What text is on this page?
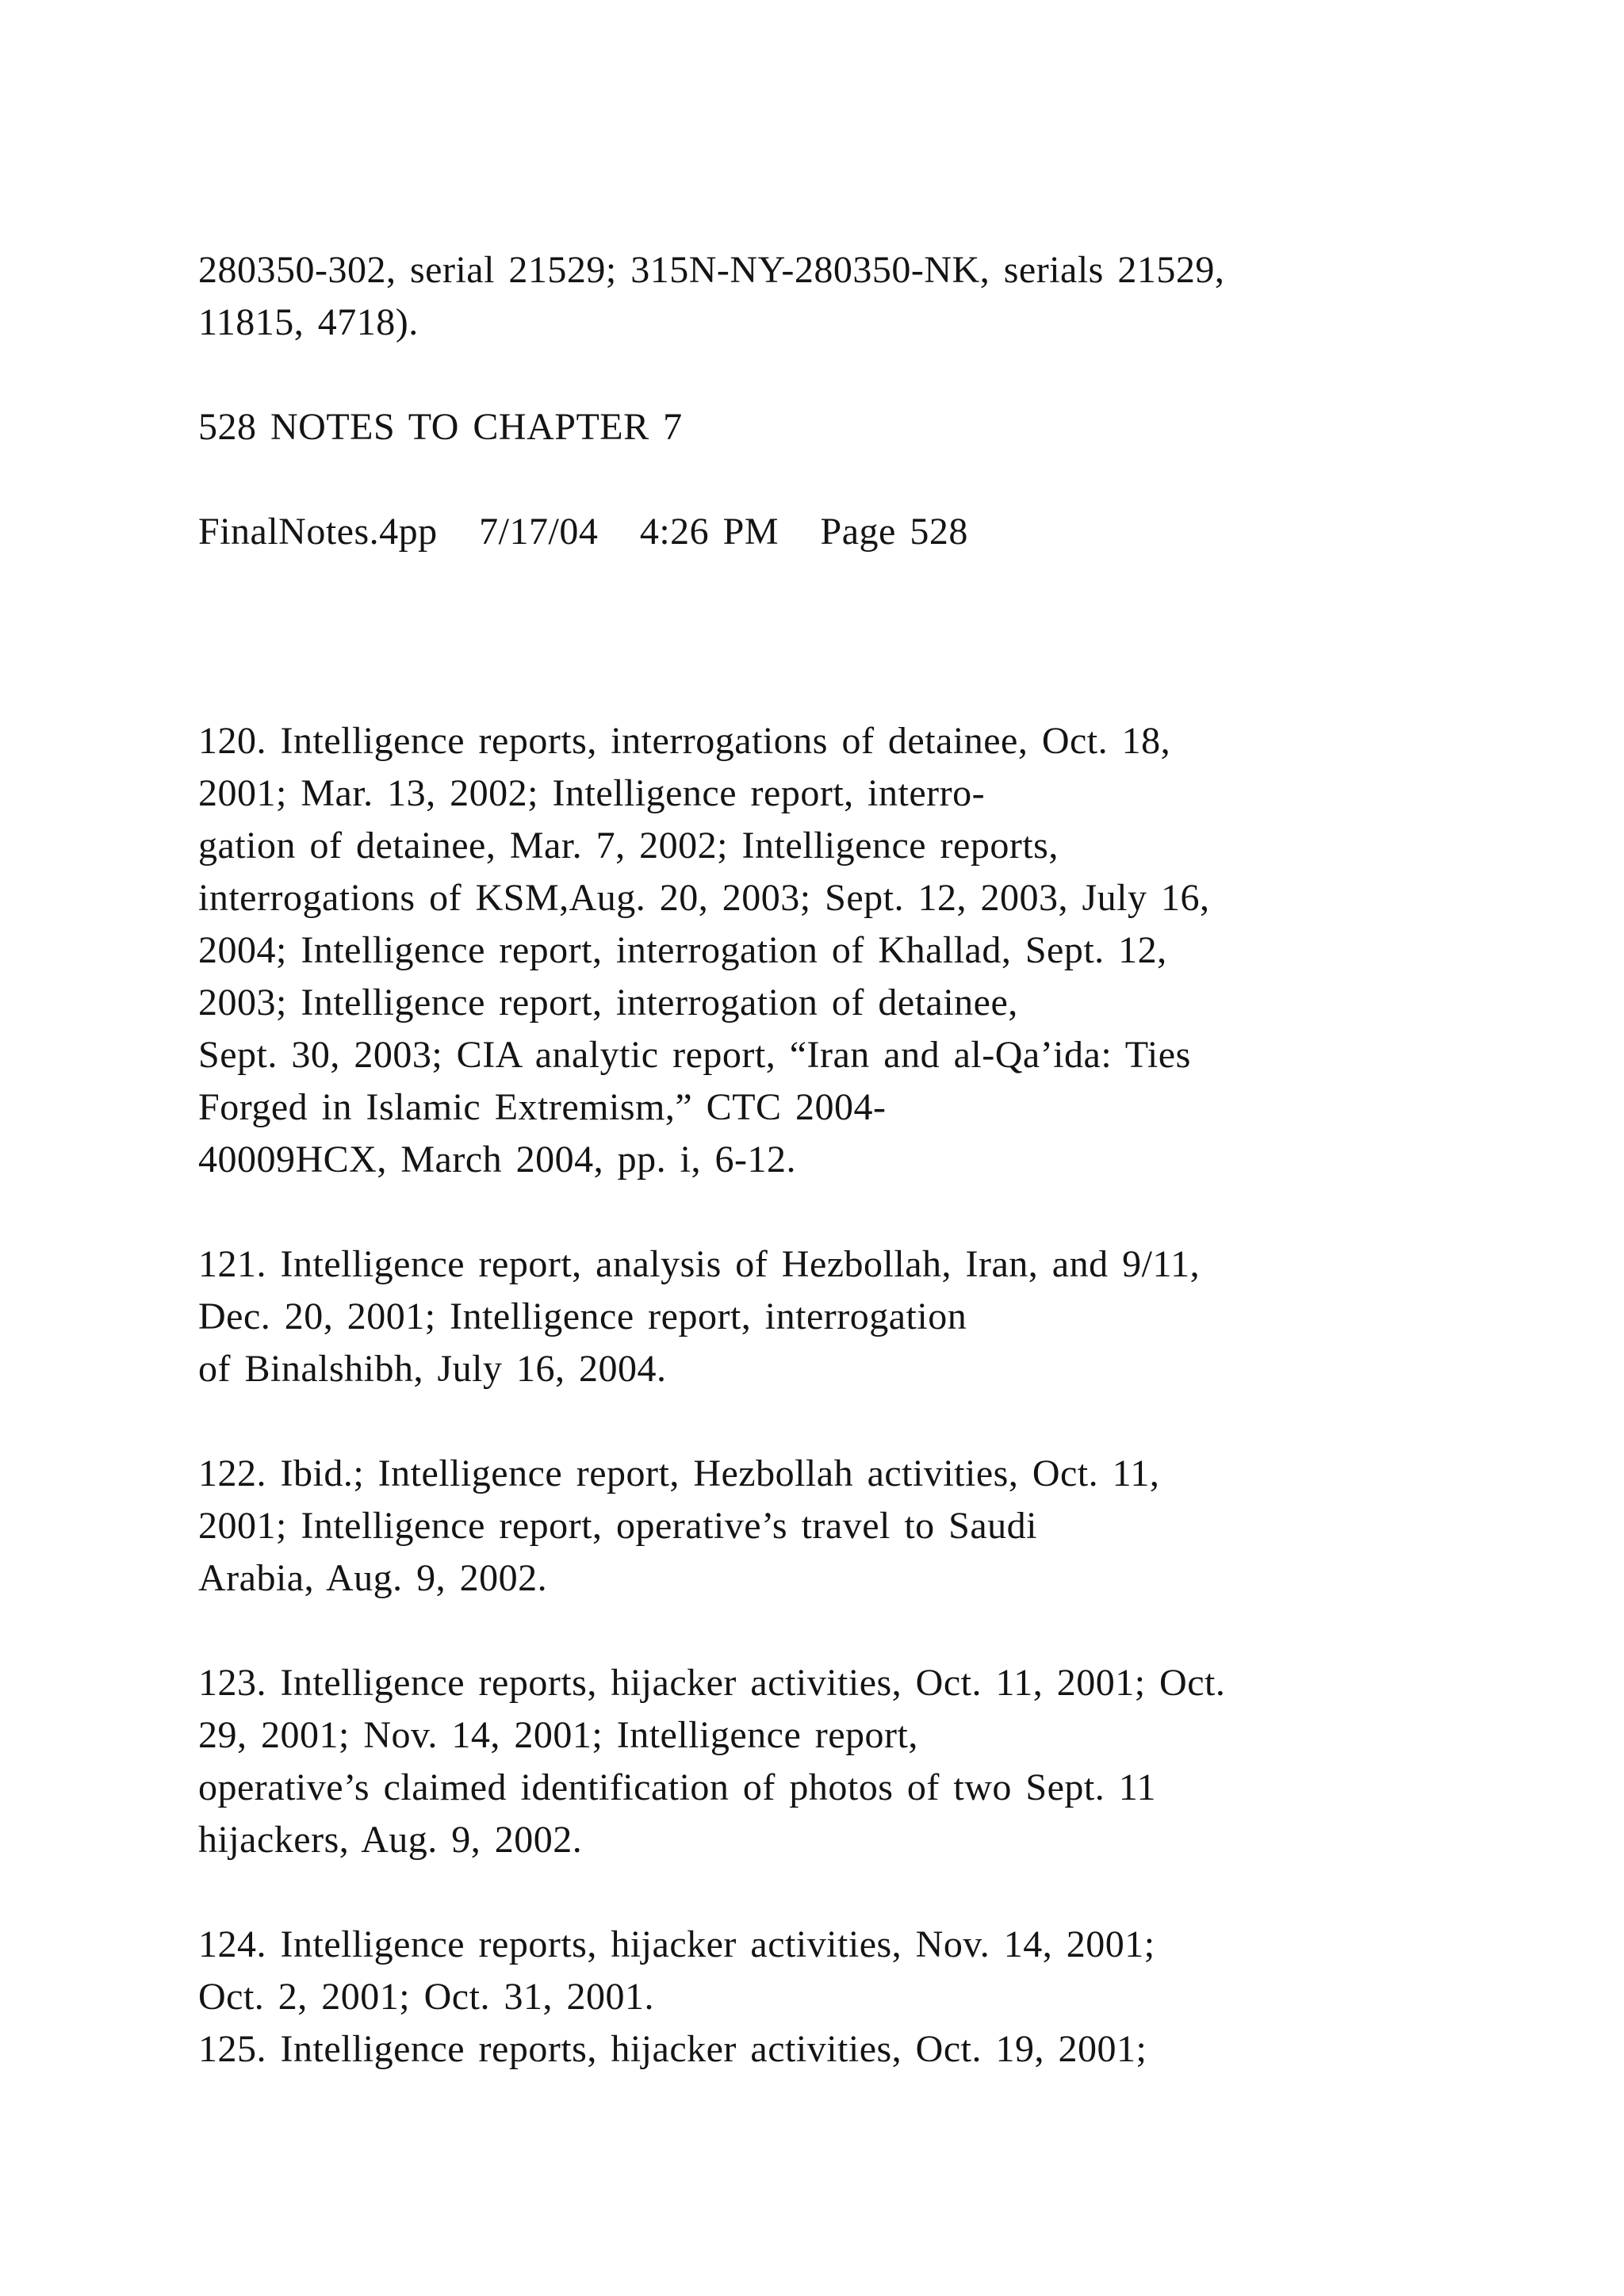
280350-302, serial 21529; 315N-NY-280350-NK, serials 21529,

11815, 4718).

528 NOTES TO CHAPTER 7

FinalNotes.4pp   7/17/04   4:26 PM   Page 528

120. Intelligence reports, interrogations of detainee, Oct. 18,

2001; Mar. 13, 2002; Intelligence report, interro-

gation of detainee, Mar. 7, 2002; Intelligence reports,

interrogations of KSM,Aug. 20, 2003; Sept. 12, 2003, July 16,

2004; Intelligence report, interrogation of Khallad, Sept. 12,

2003; Intelligence report, interrogation of detainee,

Sept. 30, 2003; CIA analytic report, “Iran and al-Qa’ida: Ties

Forged in Islamic Extremism,” CTC 2004-

40009HCX, March 2004, pp. i, 6-12.

121. Intelligence report, analysis of Hezbollah, Iran, and 9/11,

Dec. 20, 2001; Intelligence report, interrogation

of Binalshibh, July 16, 2004.

122. Ibid.; Intelligence report, Hezbollah activities, Oct. 11,

2001; Intelligence report, operative’s travel to Saudi

Arabia, Aug. 9, 2002.

123. Intelligence reports, hijacker activities, Oct. 11, 2001; Oct.

29, 2001; Nov. 14, 2001; Intelligence report,

operative’s claimed identification of photos of two Sept. 11

hijackers, Aug. 9, 2002.

124. Intelligence reports, hijacker activities, Nov. 14, 2001;

Oct. 2, 2001; Oct. 31, 2001.

125. Intelligence reports, hijacker activities, Oct. 19, 2001;
